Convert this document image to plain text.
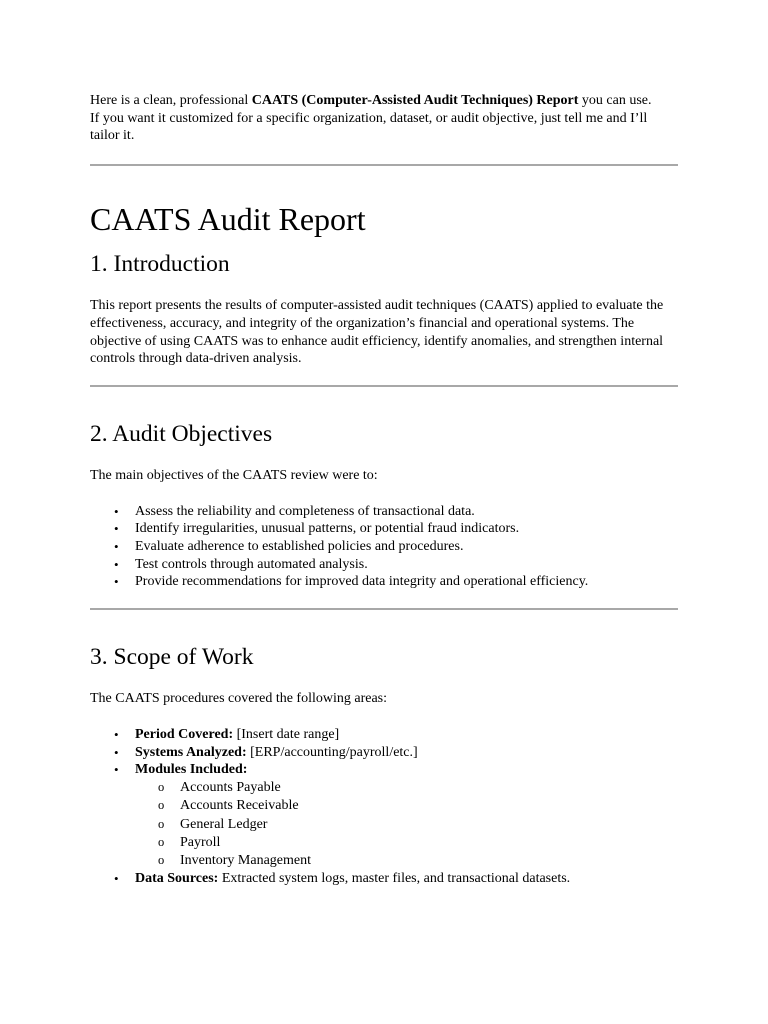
Here is a clean, professional CAATS (Computer-Assisted Audit Techniques) Report you can use.

If you want it customized for a specific organization, dataset, or audit objective, just tell me and I’ll tailor it.

CAATS Audit Report
1. Introduction

This report presents the results of computer-assisted audit techniques (CAATS) applied to evaluate the effectiveness, accuracy, and integrity of the organization’s financial and operational systems. The objective of using CAATS was to enhance audit efficiency, identify anomalies, and strengthen internal controls through data-driven analysis.

2. Audit Objectives

The main objectives of the CAATS review were to:

• Assess the reliability and completeness of transactional data.
• Identify irregularities, unusual patterns, or potential fraud indicators.
• Evaluate adherence to established policies and procedures.
• Test controls through automated analysis.
• Provide recommendations for improved data integrity and operational efficiency.
3. Scope of Work

The CAATS procedures covered the following areas:

• Period Covered: [Insert date range]
• Systems Analyzed: [ERP/accounting/payroll/etc.]
• Modules Included:
o Accounts Payable
o Accounts Receivable
o General Ledger
o Payroll
o Inventory Management
• Data Sources: Extracted system logs, master files, and transactional datasets.
